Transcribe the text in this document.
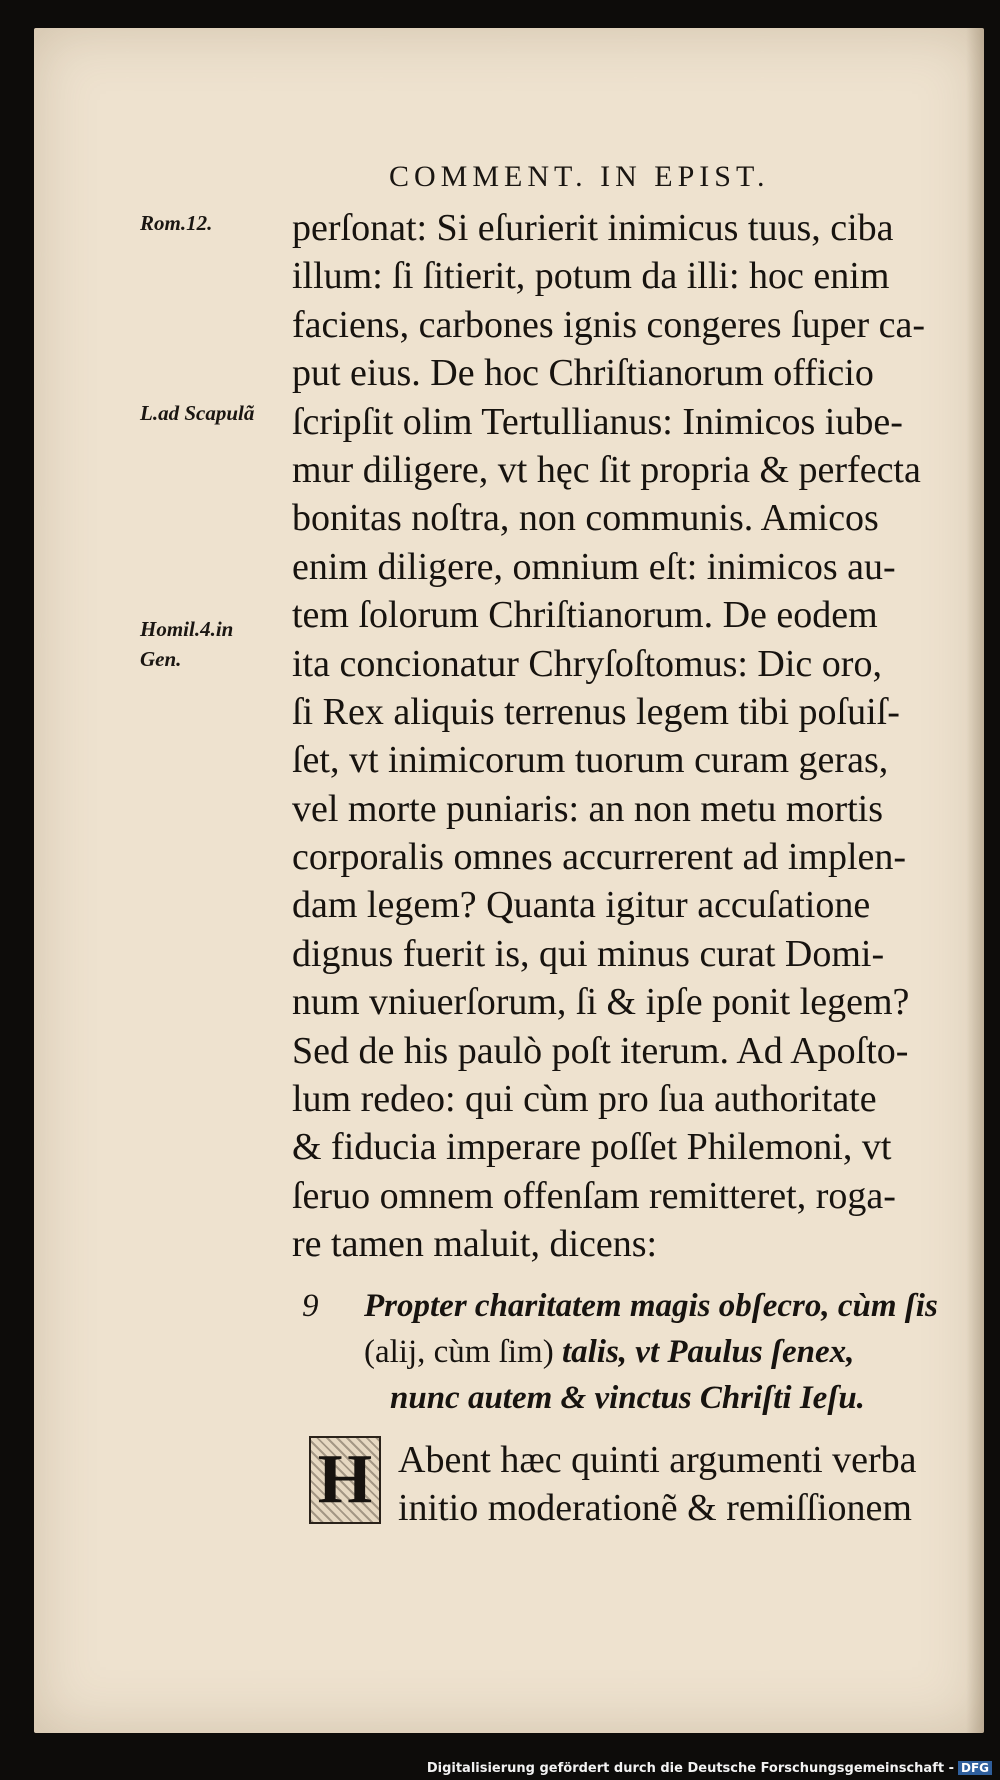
COMMENT. IN EPIST.
Rom.12.
L.ad Scapulã
Homil.4.in
Gen.
perſonat: Si eſurierit inimicus tuus, ciba
illum: ſi ſitierit, potum da illi: hoc enim
faciens, carbones ignis congeres ſuper ca-
put eius. De hoc Chriſtianorum officio
ſcripſit olim Tertullianus: Inimicos iube-
mur diligere, vt hęc ſit propria & perfecta
bonitas noſtra, non communis. Amicos
enim diligere, omnium eſt: inimicos au-
tem ſolorum Chriſtianorum. De eodem
ita concionatur Chryſoſtomus: Dic oro,
ſi Rex aliquis terrenus legem tibi poſuiſ-
ſet, vt inimicorum tuorum curam geras,
vel morte puniaris: an non metu mortis
corporalis omnes accurrerent ad implen-
dam legem? Quanta igitur accuſatione
dignus fuerit is, qui minus curat Domi-
num vniuerſorum, ſi & ipſe ponit legem?
Sed de his paulò poſt iterum. Ad Apoſto-
lum redeo: qui cùm pro ſua authoritate
& fiducia imperare poſſet Philemoni, vt
ſeruo omnem offenſam remitteret, roga-
re tamen maluit, dicens:
9	Propter charitatem magis obſecro, cùm ſis
(alij, cùm ſim) talis, vt Paulus ſenex,
nunc autem & vinctus Chriſti Ieſu.
H Abent hæc quinti argumenti verba
initio moderationẽ & remiſſionem
Digitalisierung gefördert durch die Deutsche Forschungsgemeinschaft - DFG
